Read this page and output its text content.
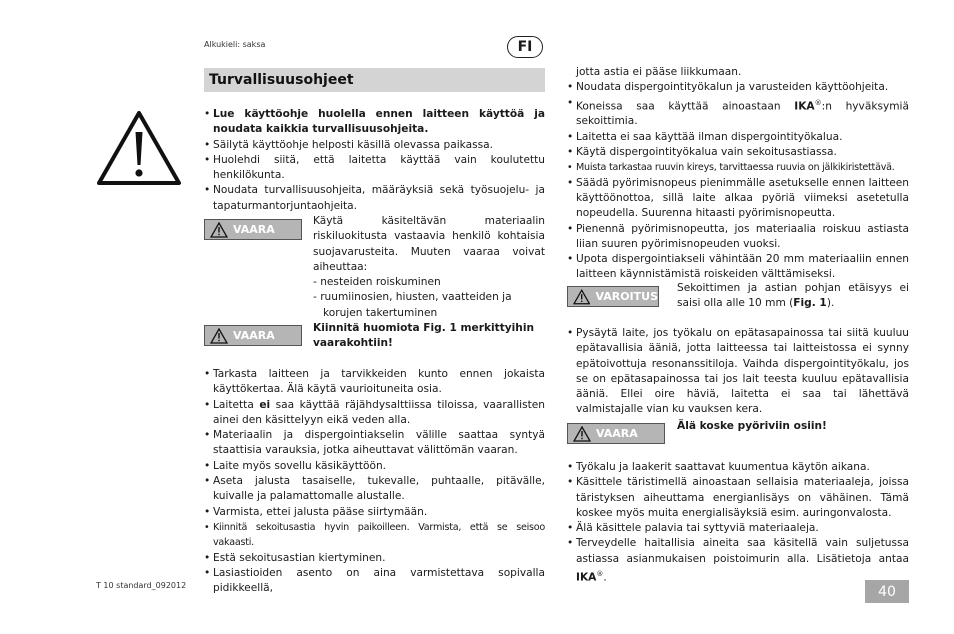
Alkukieli: saksa	FI
Turvallisuusohjeet
• Lue käyttöohje huolella ennen laitteen käyttöä ja noudata kaikkia turvallisuusohjeita.
• Säilytä käyttöohje helposti käsillä olevassa paikassa.
• Huolehdi siitä, että laitetta käyttää vain koulutettu henkilökunta.
• Noudata turvallisuusohjeita, määräyksiä sekä työsuojelu- ja tapaturmantorjuntaohjeita.
VAARA

Käytä käsiteltävän materiaalin riskiluokitusta vastaavia henkilö kohtaisia suojavarusteita. Muuten vaaraa voivat aiheuttaa:

- nesteiden roiskuminen

- ruumiinosien, hiusten, vaatteiden ja korujen takertuminen

VAARA
Kiinnitä huomiota Fig. 1 merkittyihin vaarakohtiin!
• Tarkasta laitteen ja tarvikkeiden kunto ennen jokaista käyttökertaa. Älä käytä vaurioituneita osia.
• Laitetta ei saa käyttää räjähdysalttiissa tiloissa, vaarallisten ainei den käsittelyyn eikä veden alla.
• Materiaalin ja dispergointiakselin välille saattaa syntyä staattisia varauksia, jotka aiheuttavat välittömän vaaran.
• Laite myös sovellu käsikäyttöön.
• Aseta jalusta tasaiselle, tukevalle, puhtaalle, pitävälle, kuivalle ja palamattomalle alustalle.
• Varmista, ettei jalusta pääse siirtymään.
• Kiinnitä sekoitusastia hyvin paikoilleen. Varmista, että se seisoo vakaasti.
• Estä sekoitusastian kiertyminen.
• Lasiastioiden asento on aina varmistettava sopivalla pidikkeellä,

jotta astia ei pääse liikkumaan.

• Noudata dispergointityökalun ja varusteiden käyttöohjeita.
• Koneissa saa käyttää ainoastaan IKA®:n hyväksymiä sekoittimia.
• Laitetta ei saa käyttää ilman dispergointityökalua.
• Käytä dispergointityökalua vain sekoitusastiassa.
• Muista tarkastaa ruuvin kireys, tarvittaessa ruuvia on jälkikiristettävä.
• Säädä pyörimisnopeus pienimmälle asetukselle ennen laitteen käyttöönottoa, sillä laite alkaa pyöriä viimeksi asetetulla nopeudella. Suurenna hitaasti pyörimisnopeutta.
• Pienennä pyörimisnopeutta, jos materiaalia roiskuu astiasta liian suuren pyörimisnopeuden vuoksi.
• Upota dispergointiakseli vähintään 20 mm materiaaliin ennen laitteen käynnistämistä roiskeiden välttämiseksi.
VAROITUS
Sekoittimen ja astian pohjan etäisyys ei saisi olla alle 10 mm (Fig. 1).
• Pysäytä laite, jos työkalu on epätasapainossa tai siitä kuuluu epätavallisia ääniä, jotta laitteessa tai laitteistossa ei synny epätoivottuja resonanssitiloja. Vaihda dispergointityökalu, jos se on epätasapainossa tai jos lait teesta kuuluu epätavallisia ääniä. Ellei oire häviä, laitetta ei saa tai lähettävä valmistajalle vian ku vauksen kera.
VAARA
Älä koske pyöriviin osiin!
• Työkalu ja laakerit saattavat kuumentua käytön aikana.
• Käsittele täristimellä ainoastaan sellaisia materiaaleja, joissa täristyksen aiheuttama energianlisäys on vähäinen. Tämä koskee myös muita energialisäyksiä esim. auringonvalosta.
• Älä käsittele palavia tai syttyviä materiaaleja.
• Terveydelle haitallisia aineita saa käsitellä vain suljetussa astiassa asianmukaisen poistoimurin alla. Lisätietoja antaa IKA®.
T 10 standard_092012	40
